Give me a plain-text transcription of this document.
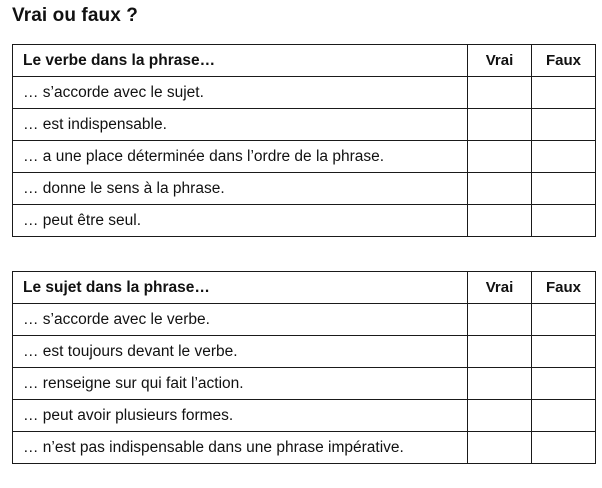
Vrai ou faux ?
Le verbe dans la phrase…	Vrai	Faux
… s’accorde avec le sujet.		
… est indispensable.		
… a une place déterminée dans l’ordre de la phrase.		
… donne le sens à la phrase.		
… peut être seul.		
Le sujet dans la phrase…	Vrai	Faux
… s’accorde avec le verbe.		
… est toujours devant le verbe.		
… renseigne sur qui fait l’action.		
… peut avoir plusieurs formes.		
… n’est pas indispensable dans une phrase impérative.		
